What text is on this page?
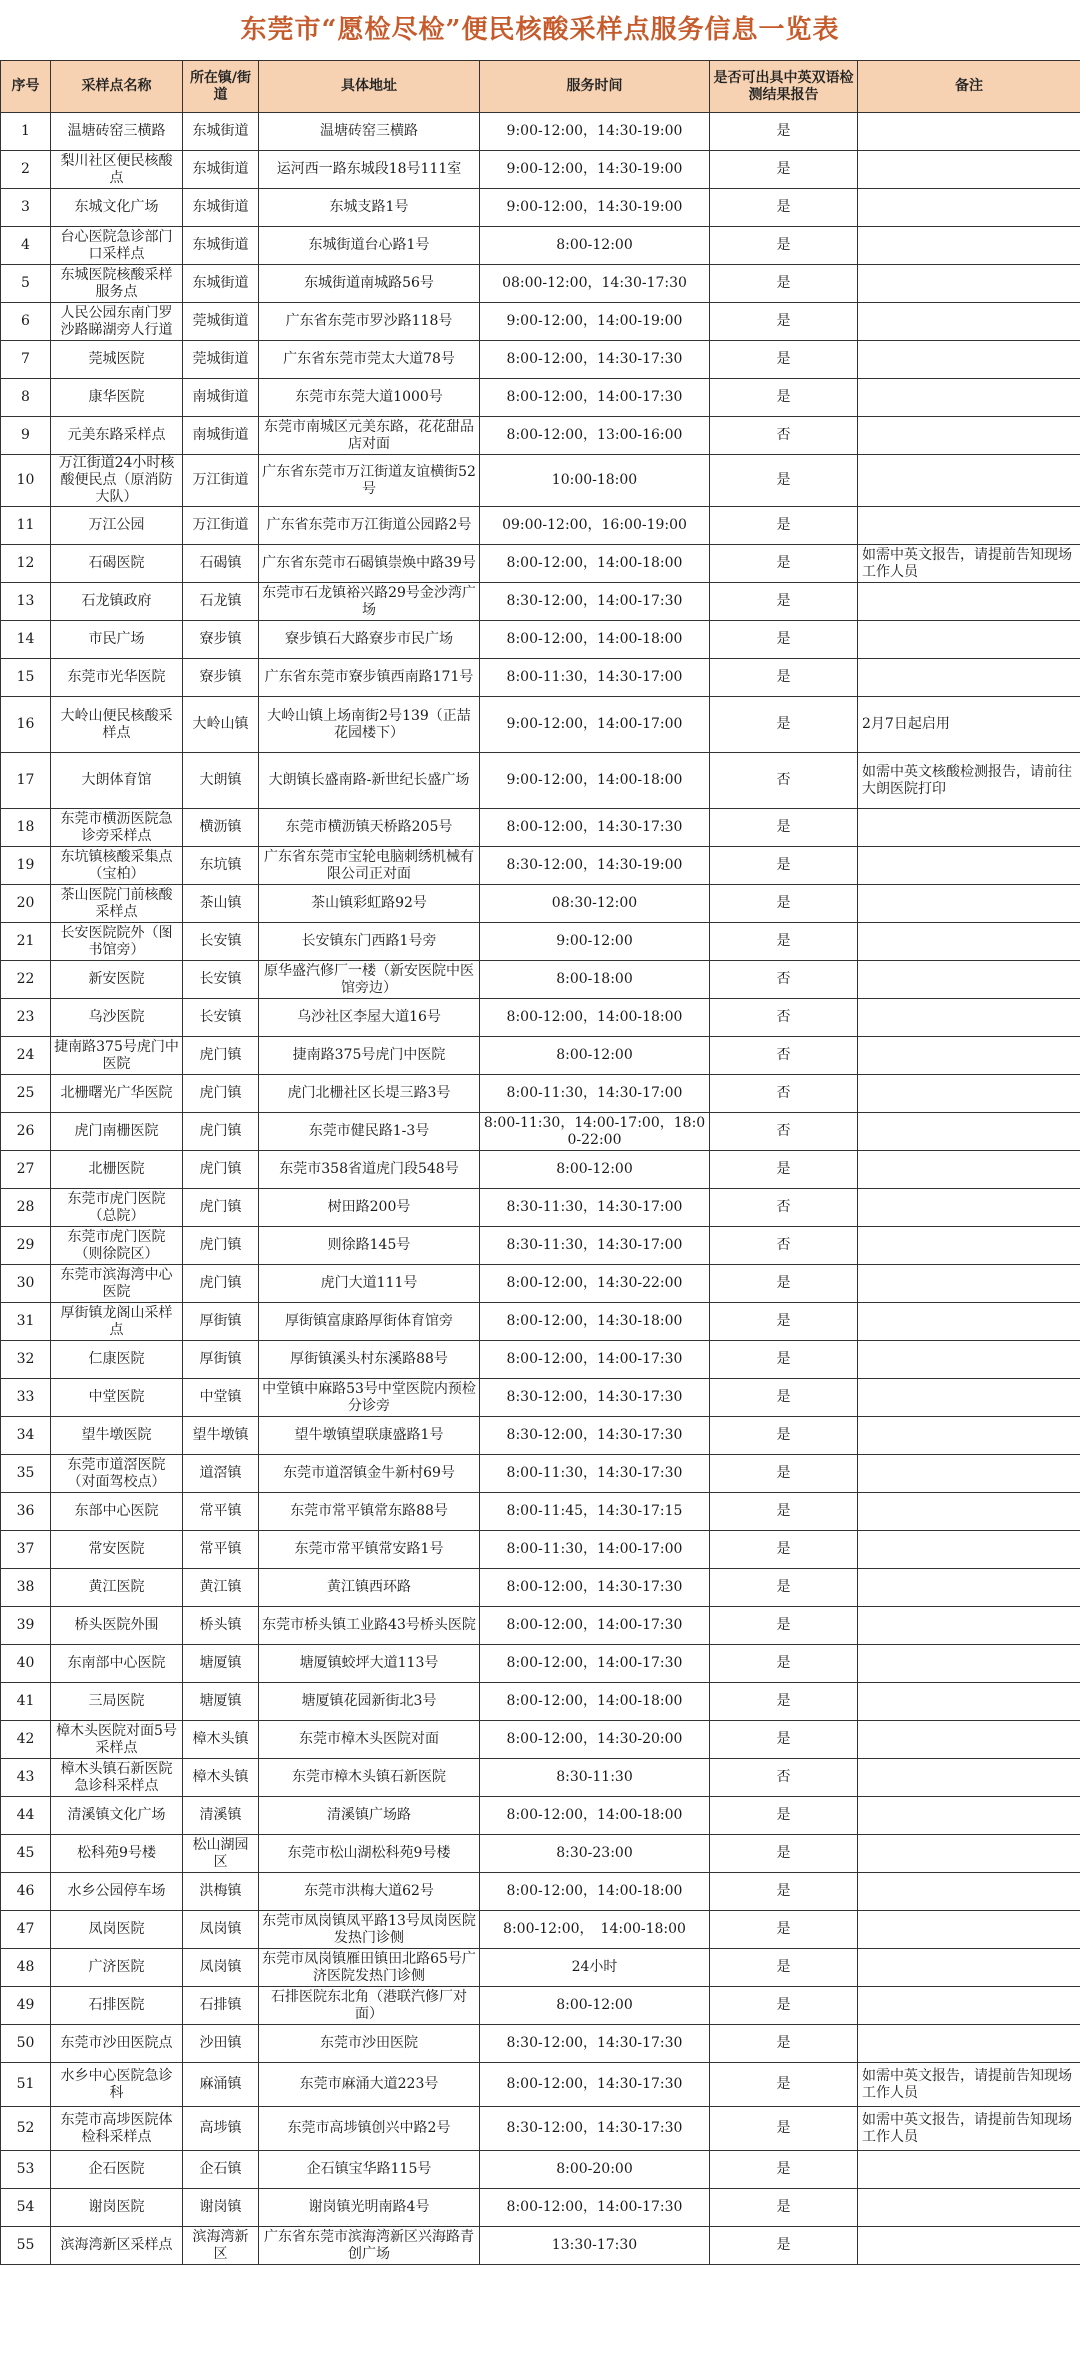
东莞市“愿检尽检”便民核酸采样点服务信息一览表
序号	采样点名称	所在镇/街道	具体地址	服务时间	是否可出具中英双语检测结果报告	备注
1	温塘砖窑三横路	东城街道	温塘砖窑三横路	9:00-12:00，14:30-19:00	是	
2	梨川社区便民核酸点	东城街道	运河西一路东城段18号111室	9:00-12:00，14:30-19:00	是	
3	东城文化广场	东城街道	东城支路1号	9:00-12:00，14:30-19:00	是	
4	台心医院急诊部门口采样点	东城街道	东城街道台心路1号	8:00-12:00	是	
5	东城医院核酸采样服务点	东城街道	东城街道南城路56号	08:00-12:00，14:30-17:30	是	
6	人民公园东南门罗沙路睇湖旁人行道	莞城街道	广东省东莞市罗沙路118号	9:00-12:00，14:00-19:00	是	
7	莞城医院	莞城街道	广东省东莞市莞太大道78号	8:00-12:00，14:30-17:30	是	
8	康华医院	南城街道	东莞市东莞大道1000号	8:00-12:00，14:00-17:30	是	
9	元美东路采样点	南城街道	东莞市南城区元美东路，花花甜品店对面	8:00-12:00，13:00-16:00	否	
10	万江街道24小时核酸便民点（原消防大队）	万江街道	广东省东莞市万江街道友谊横街52号	10:00-18:00	是	
11	万江公园	万江街道	广东省东莞市万江街道公园路2号	09:00-12:00，16:00-19:00	是	
12	石碣医院	石碣镇	广东省东莞市石碣镇崇焕中路39号	8:00-12:00，14:00-18:00	是	如需中英文报告，请提前告知现场工作人员
13	石龙镇政府	石龙镇	东莞市石龙镇裕兴路29号金沙湾广场	8:30-12:00，14:00-17:30	是	
14	市民广场	寮步镇	寮步镇石大路寮步市民广场	8:00-12:00，14:00-18:00	是	
15	东莞市光华医院	寮步镇	广东省东莞市寮步镇西南路171号	8:00-11:30，14:30-17:00	是	
16	大岭山便民核酸采样点	大岭山镇	大岭山镇上场南街2号139（正喆花园楼下）	9:00-12:00，14:00-17:00	是	2月7日起启用
17	大朗体育馆	大朗镇	大朗镇长盛南路-新世纪长盛广场	9:00-12:00，14:00-18:00	否	如需中英文核酸检测报告，请前往大朗医院打印
18	东莞市横沥医院急诊旁采样点	横沥镇	东莞市横沥镇天桥路205号	8:00-12:00，14:30-17:30	是	
19	东坑镇核酸采集点（宝柏）	东坑镇	广东省东莞市宝轮电脑刺绣机械有限公司正对面	8:30-12:00，14:30-19:00	是	
20	茶山医院门前核酸采样点	茶山镇	茶山镇彩虹路92号	08:30-12:00	是	
21	长安医院院外（图书馆旁）	长安镇	长安镇东门西路1号旁	9:00-12:00	是	
22	新安医院	长安镇	原华盛汽修厂一楼（新安医院中医馆旁边）	8:00-18:00	否	
23	乌沙医院	长安镇	乌沙社区李屋大道16号	8:00-12:00，14:00-18:00	否	
24	捷南路375号虎门中医院	虎门镇	捷南路375号虎门中医院	8:00-12:00	否	
25	北栅曙光广华医院	虎门镇	虎门北栅社区长堤三路3号	8:00-11:30，14:30-17:00	否	
26	虎门南栅医院	虎门镇	东莞市健民路1-3号	8:00-11:30，14:00-17:00，18:00-22:00	否	
27	北栅医院	虎门镇	东莞市358省道虎门段548号	8:00-12:00	是	
28	东莞市虎门医院（总院）	虎门镇	树田路200号	8:30-11:30，14:30-17:00	否	
29	东莞市虎门医院（则徐院区）	虎门镇	则徐路145号	8:30-11:30，14:30-17:00	否	
30	东莞市滨海湾中心医院	虎门镇	虎门大道111号	8:00-12:00，14:30-22:00	是	
31	厚街镇龙阁山采样点	厚街镇	厚街镇富康路厚街体育馆旁	8:00-12:00，14:30-18:00	是	
32	仁康医院	厚街镇	厚街镇溪头村东溪路88号	8:00-12:00，14:00-17:30	是	
33	中堂医院	中堂镇	中堂镇中麻路53号中堂医院内预检分诊旁	8:30-12:00，14:30-17:30	是	
34	望牛墩医院	望牛墩镇	望牛墩镇望联康盛路1号	8:30-12:00，14:30-17:30	是	
35	东莞市道滘医院（对面驾校点）	道滘镇	东莞市道滘镇金牛新村69号	8:00-11:30，14:30-17:30	是	
36	东部中心医院	常平镇	东莞市常平镇常东路88号	8:00-11:45，14:30-17:15	是	
37	常安医院	常平镇	东莞市常平镇常安路1号	8:00-11:30，14:00-17:00	是	
38	黄江医院	黄江镇	黄江镇西环路	8:00-12:00，14:30-17:30	是	
39	桥头医院外围	桥头镇	东莞市桥头镇工业路43号桥头医院	8:00-12:00，14:00-17:30	是	
40	东南部中心医院	塘厦镇	塘厦镇蛟坪大道113号	8:00-12:00，14:00-17:30	是	
41	三局医院	塘厦镇	塘厦镇花园新街北3号	8:00-12:00，14:00-18:00	是	
42	樟木头医院对面5号采样点	樟木头镇	东莞市樟木头医院对面	8:00-12:00，14:30-20:00	是	
43	樟木头镇石新医院急诊科采样点	樟木头镇	东莞市樟木头镇石新医院	8:30-11:30	否	
44	清溪镇文化广场	清溪镇	清溪镇广场路	8:00-12:00，14:00-18:00	是	
45	松科苑9号楼	松山湖园区	东莞市松山湖松科苑9号楼	8:30-23:00	是	
46	水乡公园停车场	洪梅镇	东莞市洪梅大道62号	8:00-12:00，14:00-18:00	是	
47	凤岗医院	凤岗镇	东莞市凤岗镇凤平路13号凤岗医院发热门诊侧	8:00-12:00，　14:00-18:00	是	
48	广济医院	凤岗镇	东莞市凤岗镇雁田镇田北路65号广济医院发热门诊侧	24小时	是	
49	石排医院	石排镇	石排医院东北角（港联汽修厂对面）	8:00-12:00	是	
50	东莞市沙田医院点	沙田镇	东莞市沙田医院	8:30-12:00，14:30-17:30	是	
51	水乡中心医院急诊科	麻涌镇	东莞市麻涌大道223号	8:00-12:00，14:30-17:30	是	如需中英文报告，请提前告知现场工作人员
52	东莞市高埗医院体检科采样点	高埗镇	东莞市高埗镇创兴中路2号	8:30-12:00，14:30-17:30	是	如需中英文报告，请提前告知现场工作人员
53	企石医院	企石镇	企石镇宝华路115号	8:00-20:00	是	
54	谢岗医院	谢岗镇	谢岗镇光明南路4号	8:00-12:00，14:00-17:30	是	
55	滨海湾新区采样点	滨海湾新区	广东省东莞市滨海湾新区兴海路青创广场	13:30-17:30	是	
